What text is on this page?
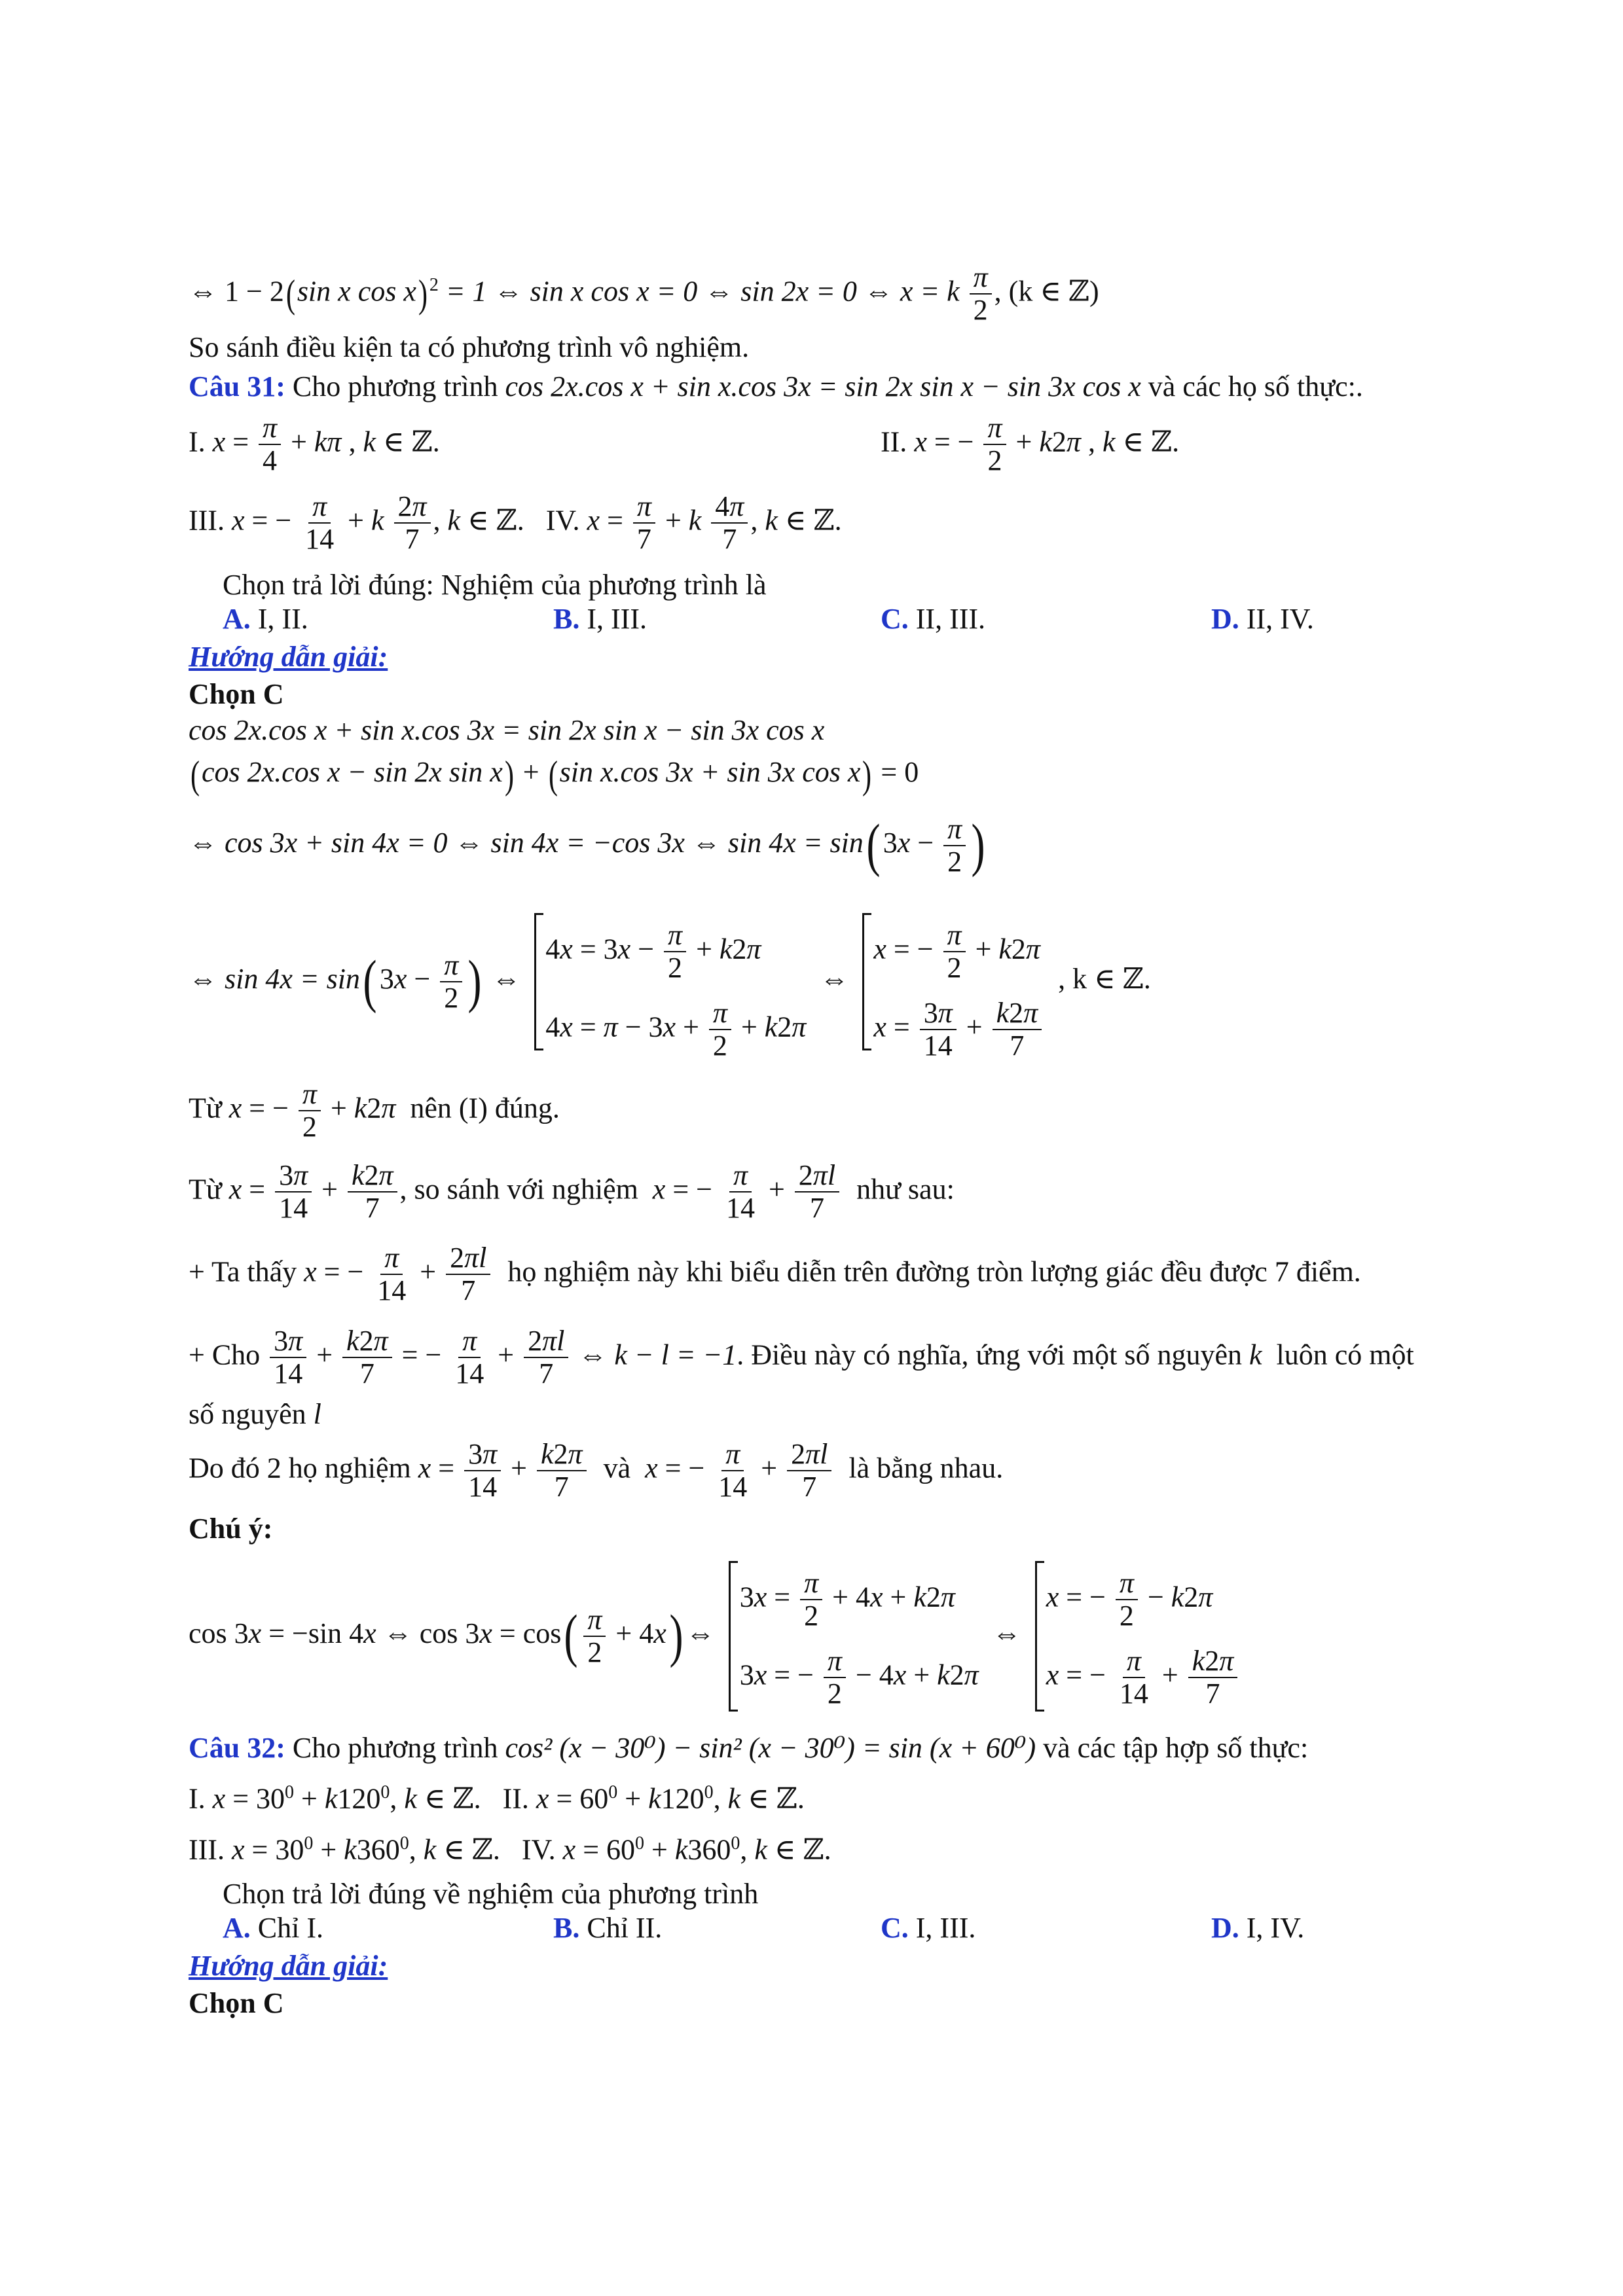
⇔ 1 − 2(sin x cos x) $^2$ = 1 ⇔ sin x cos x = 0 ⇔ sin 2x = 0 ⇔ x = k $\frac{\pi}{2}$ , (k ∈ ℤ)
So sánh điều kiện ta có phương trình vô nghiệm.
Câu 31: Cho phương trình cos 2x.cos x + sin x.cos 3x = sin 2x sin x − sin 3x cos x và các họ số thực:.
I. $x = \frac{\pi}{4} + k\pi$ , k ∈ ℤ.	II. x = − $\frac{\pi}{2} + k2\pi$ , k ∈ ℤ.
III. x = − $\frac{\pi}{14} + k \frac{2\pi}{7}$ , k ∈ ℤ.   IV. $x = \frac{\pi}{7} + k \frac{4\pi}{7}$ , k ∈ ℤ.
Chọn trả lời đúng: Nghiệm của phương trình là
A. I, II.	B. I, III.	C. II, III.	D. II, IV.
Hướng dẫn giải:
Chọn C
cos 2x.cos x + sin x.cos 3x = sin 2x sin x − sin 3x cos x
(cos 2x.cos x − sin 2x sin x) + (sin x.cos 3x + sin 3x cos x) = 0
⇔ cos 3x + sin 4x = 0 ⇔ sin 4x = −cos 3x ⇔ sin 4x = sin( $3x - \frac{\pi}{2}$ )
⇔ sin 4x = sin( $3x - \frac{\pi}{2}$ ) ⇔
$4x = 3x - \frac{\pi}{2} + k2\pi$
$4x = \pi - 3x + \frac{\pi}{2} + k2\pi$
⇔
x = − $\frac{\pi}{2} + k2\pi$
$x = \frac{3\pi}{14} + \frac{k2\pi}{7}$
, k ∈ ℤ.
Từ x = − $\frac{\pi}{2} + k2\pi$ nên (I) đúng.
Từ $x = \frac{3\pi}{14} + \frac{k2\pi}{7}$ , so sánh với nghiệm x = − $\frac{\pi}{14} + \frac{2\pi l}{7}$ như sau:
+ Ta thấy x = − $\frac{\pi}{14} + \frac{2\pi l}{7}$ họ nghiệm này khi biểu diễn trên đường tròn lượng giác đều được 7 điểm.
+ Cho $\frac{3\pi}{14} + \frac{k2\pi}{7}$ = − $\frac{\pi}{14} + \frac{2\pi l}{7}$ ⇔ k − l = −1. Điều này có nghĩa, ứng với một số nguyên k luôn có một
số nguyên l
Do đó 2 họ nghiệm $x = \frac{3\pi}{14} + \frac{k2\pi}{7}$ và x = − $\frac{\pi}{14} + \frac{2\pi l}{7}$ là bằng nhau.
Chú ý:
cos 3x = −sin 4x ⇔ $\cos 3x = \cos( \frac{\pi}{2} + 4x)$ ⇔
$3x = \frac{\pi}{2} + 4x + k2\pi$
3x = − $\frac{\pi}{2} - 4x + k2\pi$
⇔
x = − $\frac{\pi}{2} - k2\pi$
x = − $\frac{\pi}{14} + \frac{k2\pi}{7}$
Câu 32: Cho phương trình cos² (x − 30⁰) − sin² (x − 30⁰) = sin (x + 60⁰) và các tập hợp số thực:
I. $x = 30^0 + k120^0$, k ∈ ℤ.   II. $x = 60^0 + k120^0$, k ∈ ℤ.
III. $x = 30^0 + k360^0$, k ∈ ℤ.   IV. $x = 60^0 + k360^0$, k ∈ ℤ.
Chọn trả lời đúng về nghiệm của phương trình
A. Chỉ I.	B. Chỉ II.	C. I, III.	D. I, IV.
Hướng dẫn giải:
Chọn C
